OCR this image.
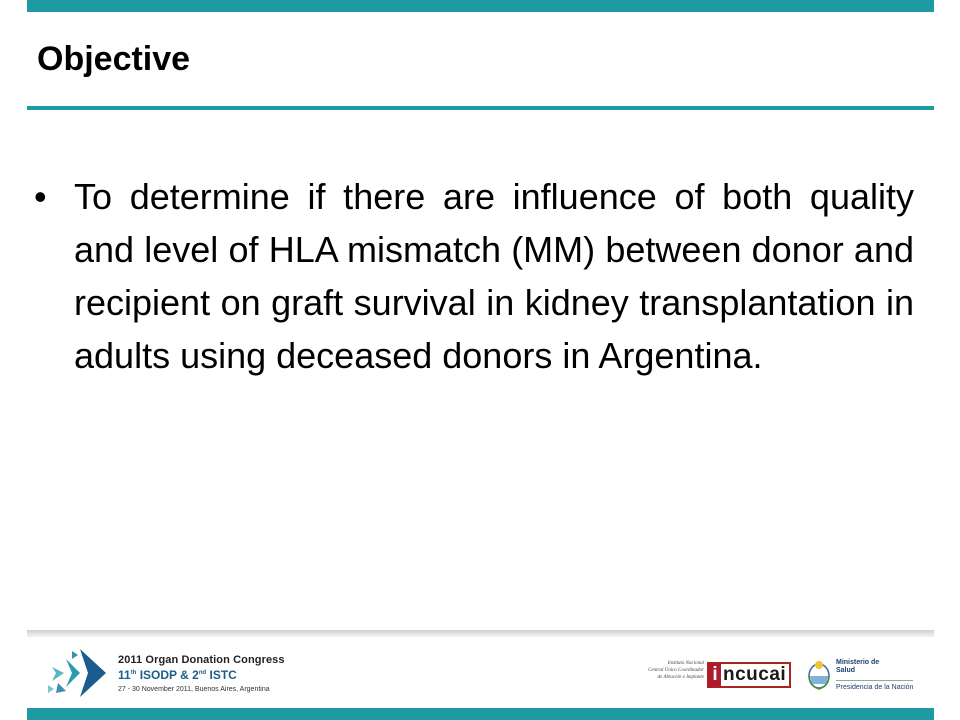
Objective
• To determine if there are influence of both quality and level of HLA mismatch (MM) between donor and recipient on graft survival in kidney transplantation in adults using deceased donors in Argentina.
2011 Organ Donation Congress
11th ISODP & 2nd ISTC
27 - 30 November 2011, Buenos Aires, Argentina
Instituto Nacional
Central Único Coordinador
de Ablación e Implante i ncucai
Ministerio de
Salud
Presidencia de la Nación
